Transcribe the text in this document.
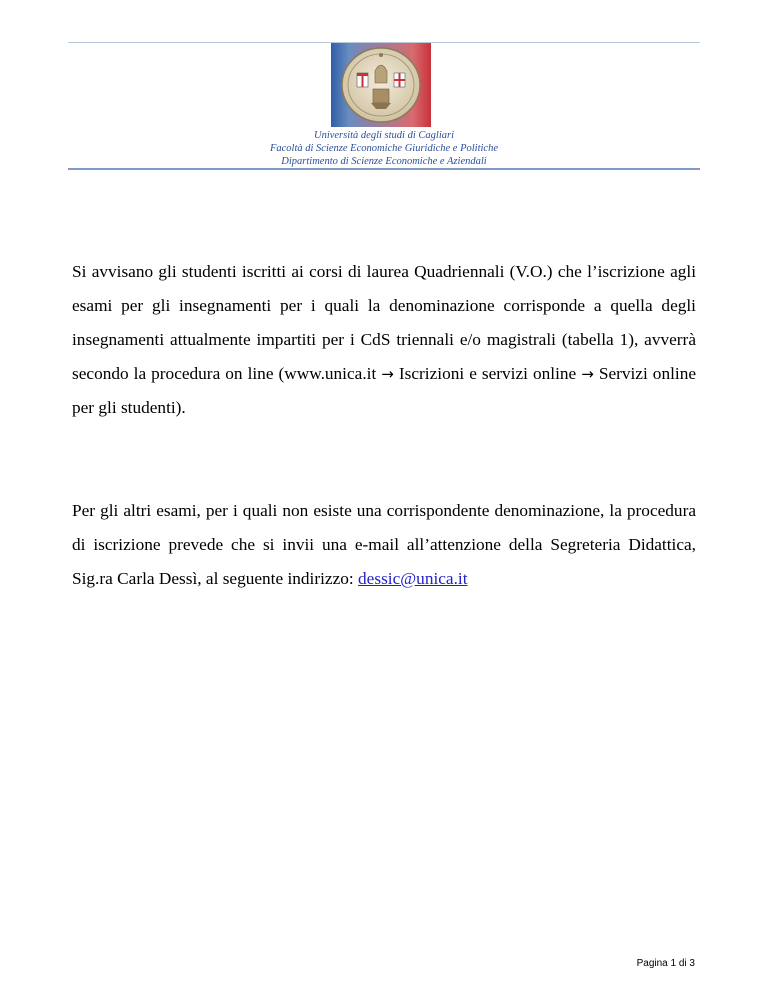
Università degli studi di Cagliari
Facoltà di Scienze Economiche Giuridiche e Politiche
Dipartimento di Scienze Economiche e Aziendali

Si avvisano gli studenti iscritti ai corsi di laurea Quadriennali (V.O.) che l’iscrizione agli esami per gli insegnamenti per i quali la denominazione corrisponde a quella degli insegnamenti attualmente impartiti per i CdS triennali e/o magistrali (tabella 1), avverrà secondo la procedura on line (www.unica.it → Iscrizioni e servizi online → Servizi online per gli studenti).

Per gli altri esami, per i quali non esiste una corrispondente denominazione, la procedura di iscrizione prevede che si invii una e-mail all’attenzione della Segreteria Didattica, Sig.ra Carla Dessì, al seguente indirizzo: dessic@unica.it

Pagina 1 di 3
